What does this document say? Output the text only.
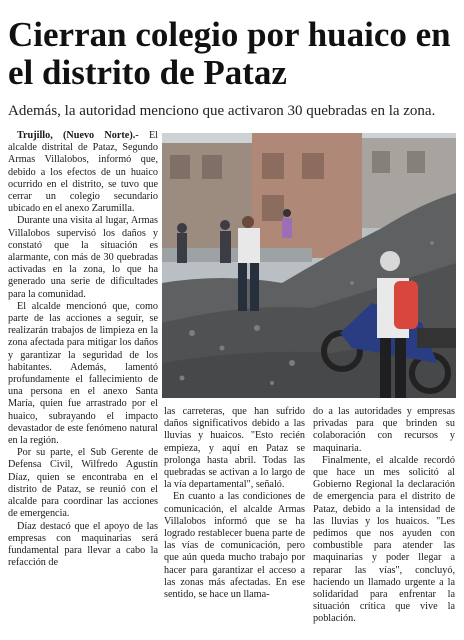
Cierran colegio por huaico en el distrito de Pataz

Además, la autoridad menciono que activaron 30 quebradas en la zona.

Trujillo, (Nuevo Norte).- El alcalde distrital de Pataz, Segundo Armas Villalobos, informó que, debido a los efectos de un huaico ocurrido en el distrito, se tuvo que cerrar un colegio secundario ubicado en el anexo Zarumilla.

Durante una visita al lugar, Armas Villalobos supervisó los daños y constató que la situación es alarmante, con más de 30 quebradas activadas en la zona, lo que ha generado una serie de dificultades para la comunidad.

El alcalde mencionó que, como parte de las acciones a seguir, se realizarán trabajos de limpieza en la zona afectada para mitigar los daños y garantizar la seguridad de los habitantes. Además, lamentó profundamente el fallecimiento de una persona en el anexo Santa María, quien fue arrastrado por el huaico, subrayando el impacto devastador de este fenómeno natural en la región.

Por su parte, el Sub Gerente de Defensa Civil, Wilfredo Agustín Díaz, quien se encontraba en el distrito de Pataz, se reunió con el alcalde para coordinar las acciones de emergencia.

Díaz destacó que el apoyo de las empresas con maquinarias será fundamental para llevar a cabo la refacción de

las carreteras, que han sufrido daños significativos debido a las lluvias y huaicos. "Esto recién empieza, y aquí en Pataz se prolonga hasta abril. Todas las quebradas se activan a lo largo de la vía departamental", señaló.

En cuanto a las condiciones de comunicación, el alcalde Armas Villalobos informó que se ha logrado restablecer buena parte de las vías de comunicación, pero que aún queda mucho trabajo por hacer para garantizar el acceso a las zonas más afectadas. En ese sentido, se hace un llama-

do a las autoridades y empresas privadas para que brinden su colaboración con recursos y maquinaria.

Finalmente, el alcalde recordó que hace un mes solicitó al Gobierno Regional la declaración de emergencia para el distrito de Pataz, debido a la intensidad de las lluvias y los huaicos. "Les pedimos que nos ayuden con combustible para atender las maquinarias y poder llegar a reparar las vías", concluyó, haciendo un llamado urgente a la solidaridad para enfrentar la situación crítica que vive la población.
